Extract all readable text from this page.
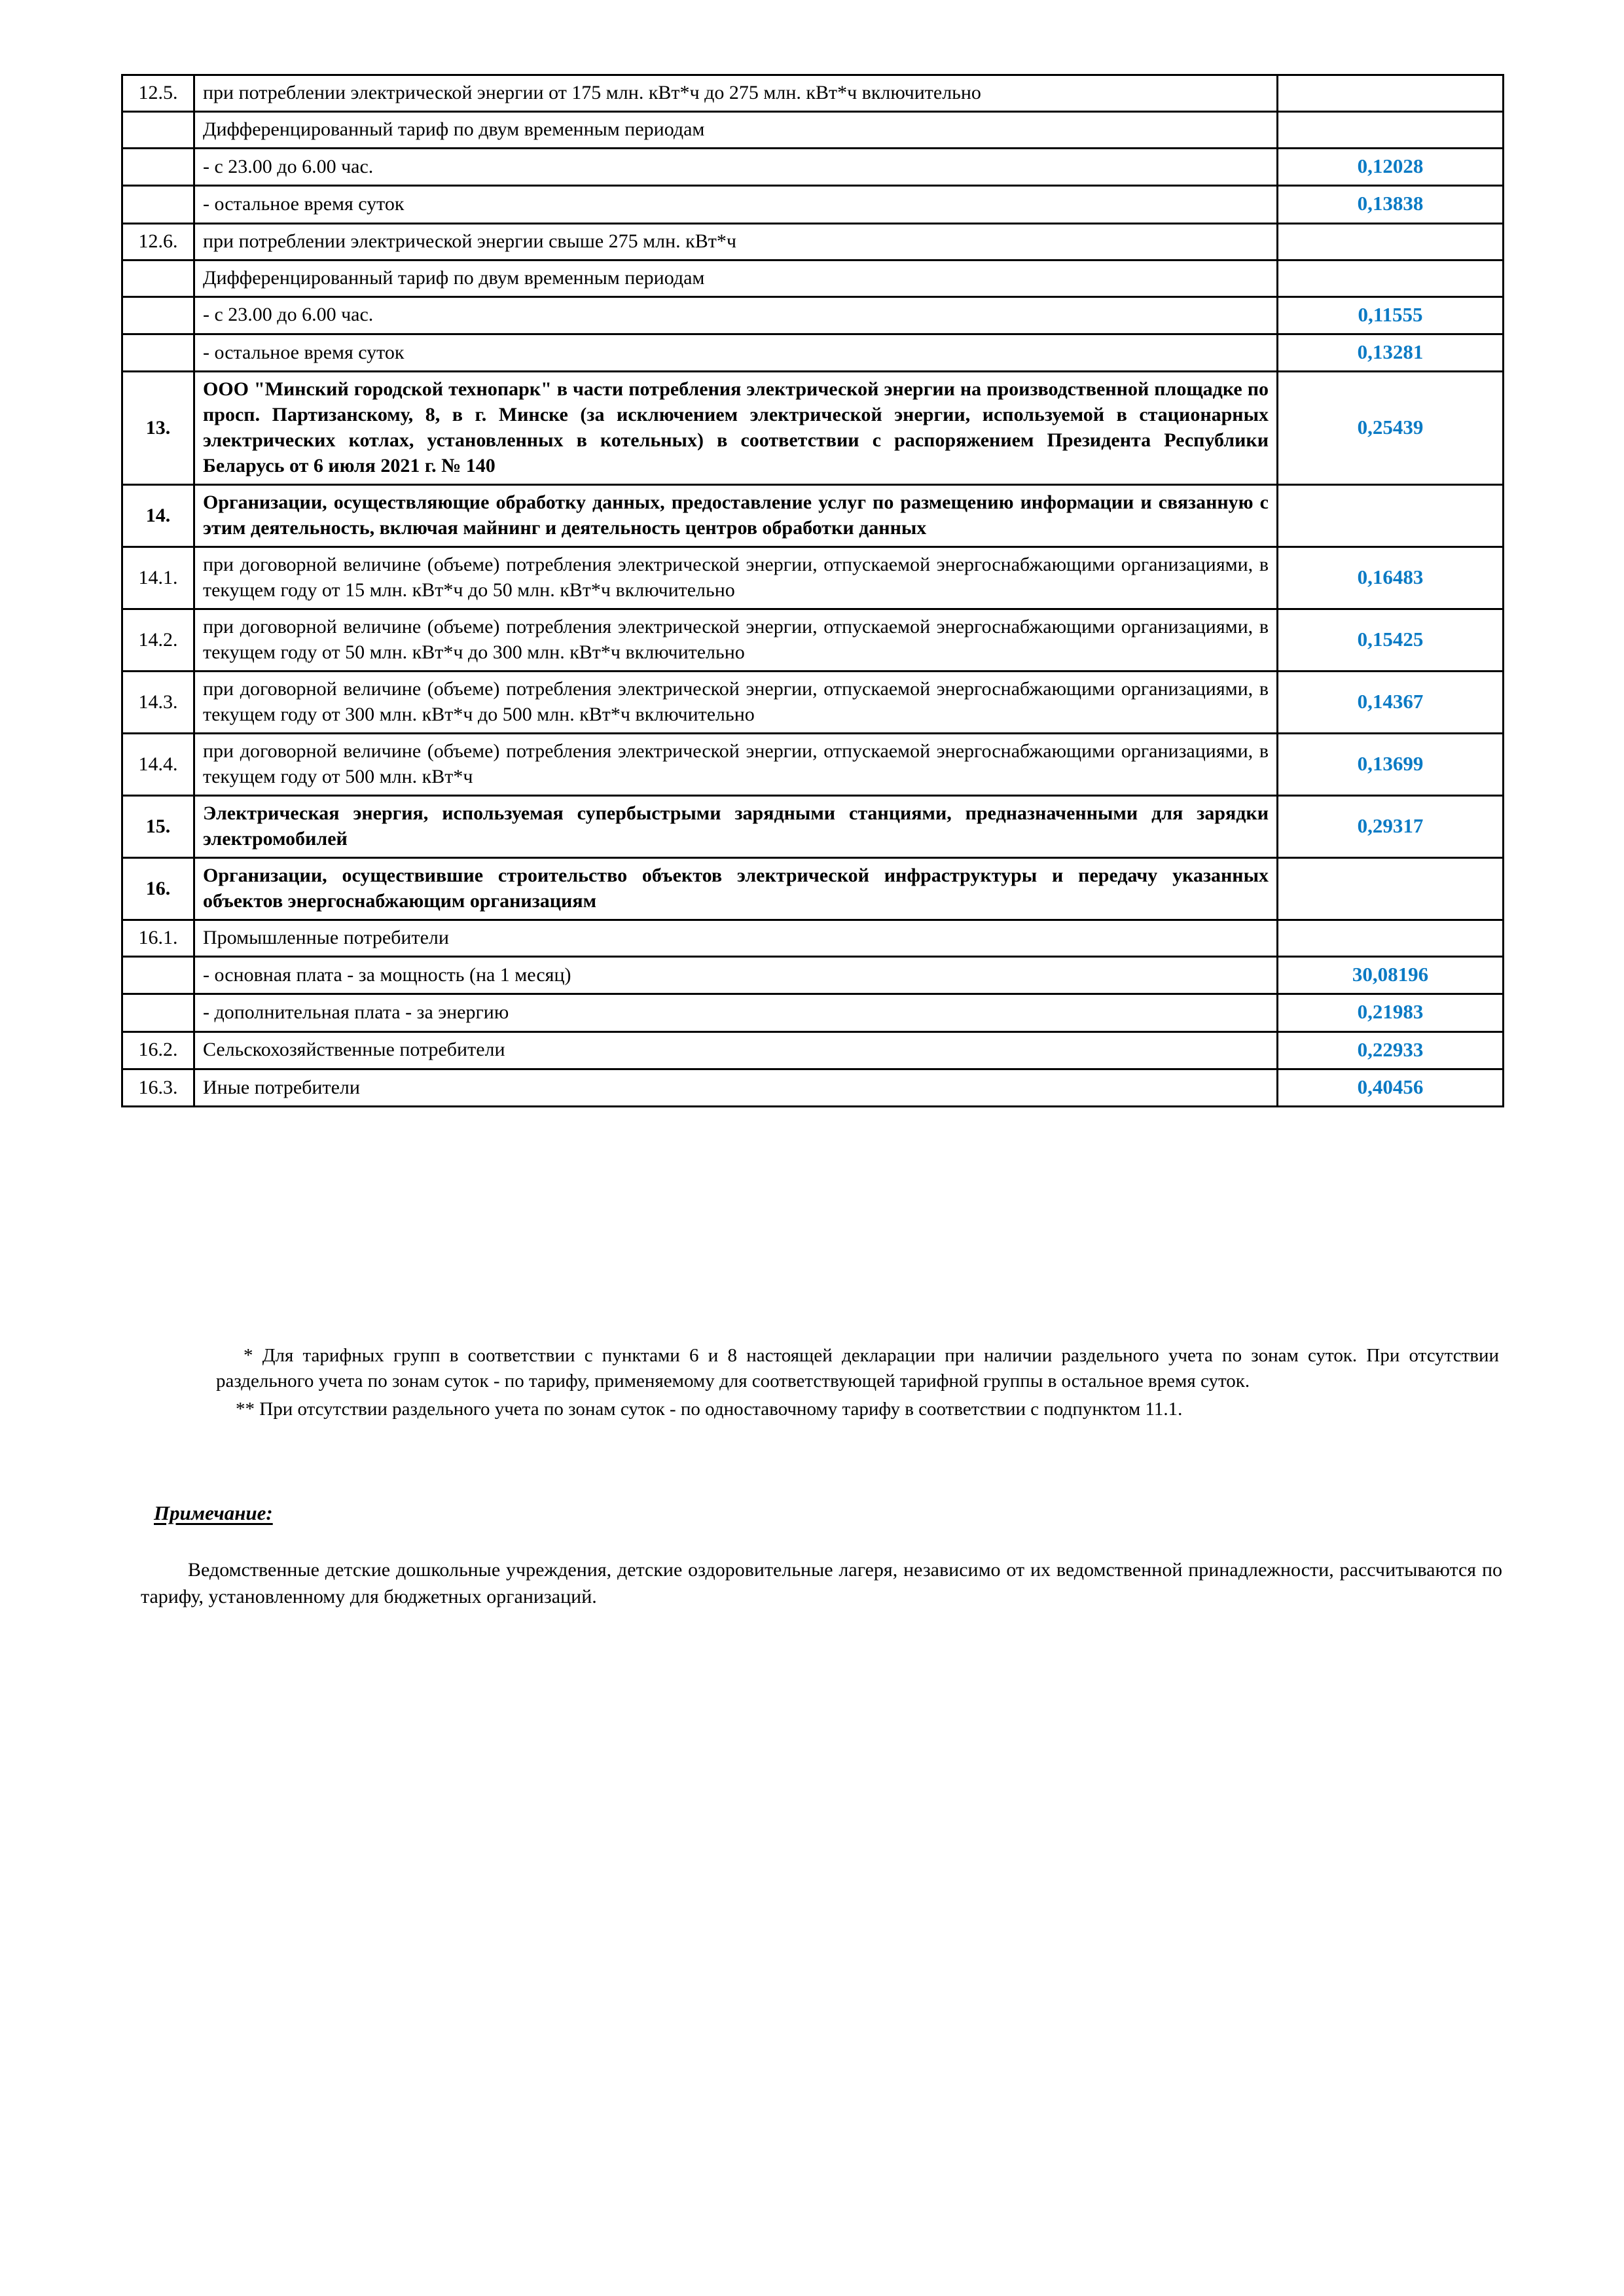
12.5.	при потреблении электрической энергии от 175 млн. кВт*ч до 275 млн. кВт*ч включительно	
	Дифференцированный тариф по двум временным периодам	
	- с 23.00 до 6.00 час.	0,12028
	- остальное время суток	0,13838
12.6.	при потреблении электрической энергии свыше 275 млн. кВт*ч	
	Дифференцированный тариф по двум временным периодам	
	- с 23.00 до 6.00 час.	0,11555
	- остальное время суток	0,13281
13.	ООО "Минский городской технопарк" в части потребления электрической энергии на производственной площадке по просп. Партизанскому, 8, в г. Минске (за исключением электрической энергии, используемой в стационарных электрических котлах, установленных в котельных) в соответствии с распоряжением Президента Республики Беларусь от 6 июля 2021 г. № 140	0,25439
14.	Организации, осуществляющие обработку данных, предоставление услуг по размещению информации и связанную с этим деятельность, включая майнинг и деятельность центров обработки данных	
14.1.	при договорной величине (объеме) потребления электрической энергии, отпускаемой энергоснабжающими организациями, в текущем году от 15 млн. кВт*ч до 50 млн. кВт*ч включительно	0,16483
14.2.	при договорной величине (объеме) потребления электрической энергии, отпускаемой энергоснабжающими организациями, в текущем году от 50 млн. кВт*ч до 300 млн. кВт*ч включительно	0,15425
14.3.	при договорной величине (объеме) потребления электрической энергии, отпускаемой энергоснабжающими организациями, в текущем году от 300 млн. кВт*ч до 500 млн. кВт*ч включительно	0,14367
14.4.	при договорной величине (объеме) потребления электрической энергии, отпускаемой энергоснабжающими организациями, в текущем году от 500 млн. кВт*ч	0,13699
15.	Электрическая энергия, используемая супербыстрыми зарядными станциями, предназначенными для зарядки электромобилей	0,29317
16.	Организации, осуществившие строительство объектов электрической инфраструктуры и передачу указанных объектов энергоснабжающим организациям	
16.1.	Промышленные потребители	
	- основная плата - за мощность (на 1 месяц)	30,08196
	- дополнительная плата - за энергию	0,21983
16.2.	Сельскохозяйственные потребители	0,22933
16.3.	Иные потребители	0,40456

* Для тарифных групп в соответствии с пунктами 6 и 8 настоящей декларации при наличии раздельного учета по зонам суток. При отсутствии раздельного учета по зонам суток - по тарифу, применяемому для соответствующей тарифной группы в остальное время суток.

** При отсутствии раздельного учета по зонам суток - по одноставочному тарифу в соответствии с подпунктом 11.1.

Примечание:

Ведомственные детские дошкольные учреждения, детские оздоровительные лагеря, независимо от их ведомственной принадлежности, рассчитываются по тарифу, установленному для бюджетных организаций.
